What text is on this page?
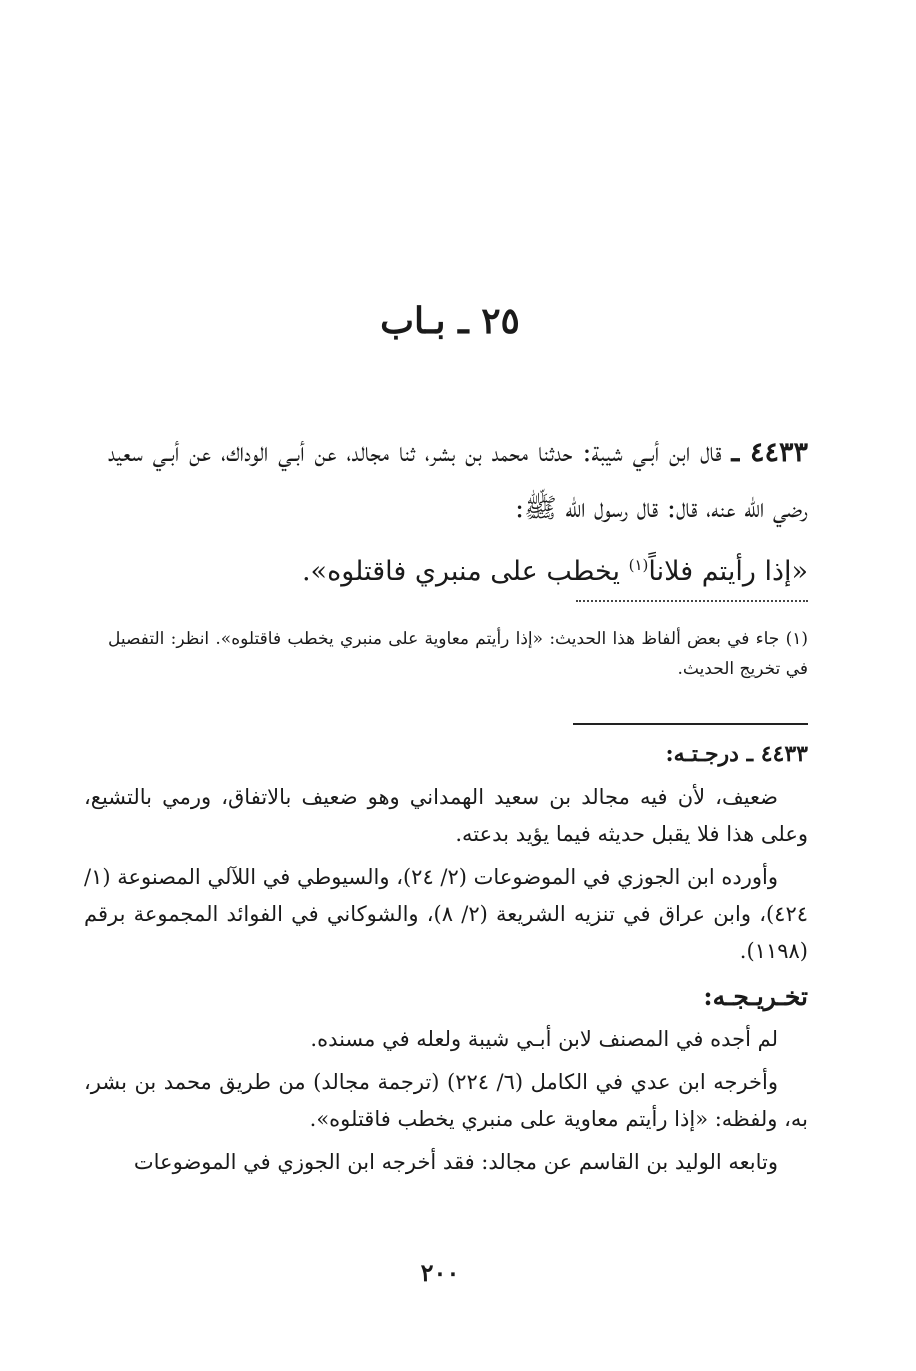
٢٥ ـ بـاب

٤٤٣٣ ـ قال ابن أبـي شيبة: حدثنا محمد بن بشر، ثنا مجالد، عن أبـي الوداك، عن أبـي سعيد رضي الله عنه، قال: قال رسول الله ﷺ:

«إذا رأيتم فلاناً$^{(١)}$ يخطب على منبري فاقتلوه».

(١) جاء في بعض ألفاظ هذا الحديث: «إذا رأيتم معاوية على منبري يخطب فاقتلوه». انظر: التفصيل في تخريج الحديث.

٤٤٣٣ ـ درجـتـه:

ضعيف، لأن فيه مجالد بن سعيد الهمداني وهو ضعيف بالاتفاق، ورمي بالتشيع، وعلى هذا فلا يقبل حديثه فيما يؤيد بدعته.

وأورده ابن الجوزي في الموضوعات (٢/ ٢٤)، والسيوطي في اللآلي المصنوعة (١/ ٤٢٤)، وابن عراق في تنزيه الشريعة (٢/ ٨)، والشوكاني في الفوائد المجموعة برقم (١١٩٨).

تخـريـجـه:

لم أجده في المصنف لابن أبـي شيبة ولعله في مسنده.

وأخرجه ابن عدي في الكامل (٦/ ٢٢٤) (ترجمة مجالد) من طريق محمد بن بشر، به، ولفظه: «إذا رأيتم معاوية على منبري يخطب فاقتلوه».

وتابعه الوليد بن القاسم عن مجالد: فقد أخرجه ابن الجوزي في الموضوعات

٢٠٠
